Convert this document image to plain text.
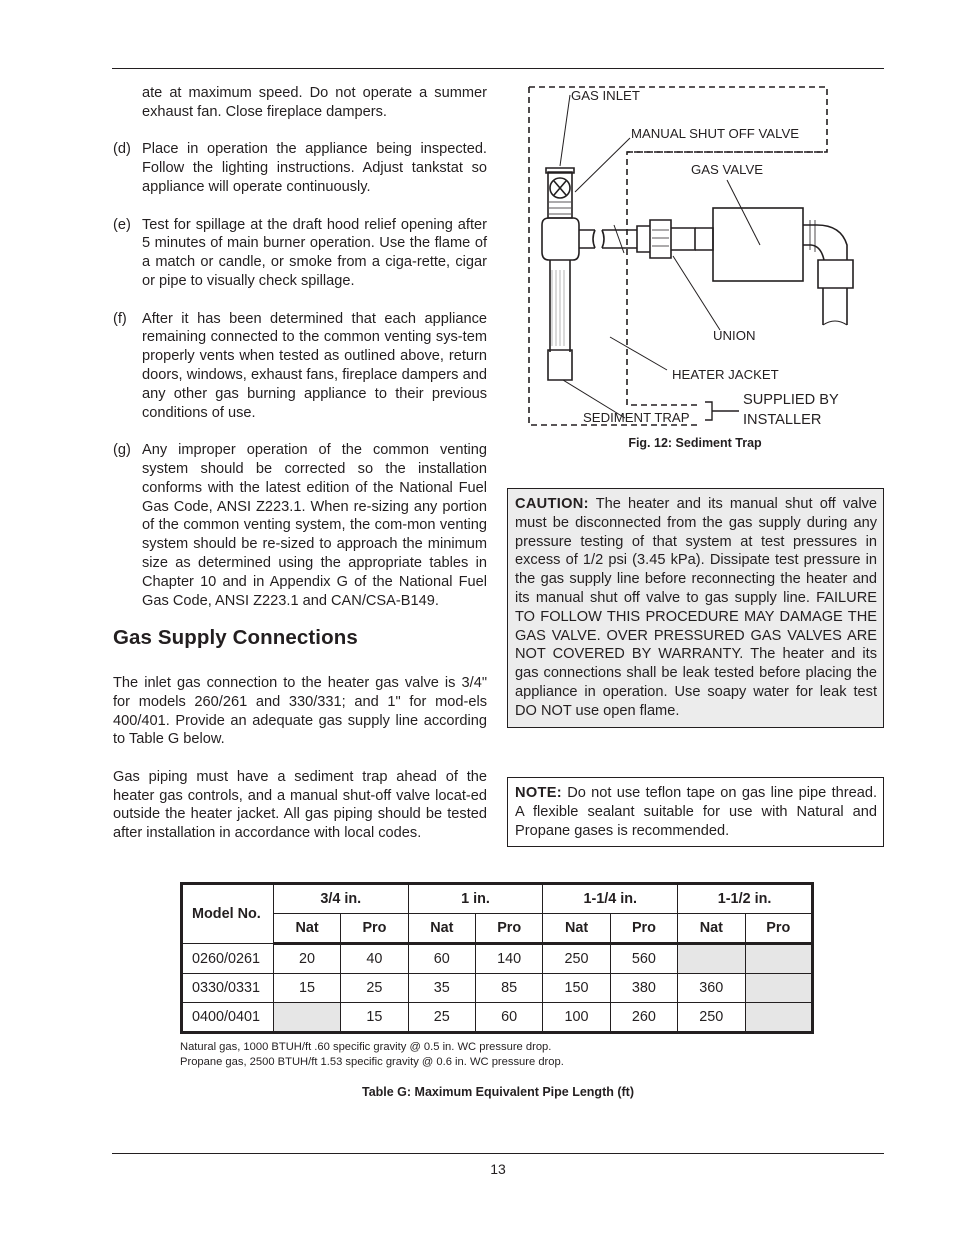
ate at maximum speed. Do not operate a summer exhaust fan. Close fireplace dampers.
(d) Place in operation the appliance being inspected. Follow the lighting instructions. Adjust tankstat so appliance will operate continuously.
(e) Test for spillage at the draft hood relief opening after 5 minutes of main burner operation. Use the flame of a match or candle, or smoke from a ciga-rette, cigar or pipe to visually check spillage.
(f) After it has been determined that each appliance remaining connected to the common venting sys-tem properly vents when tested as outlined above, return doors, windows, exhaust fans, fireplace dampers and any other gas burning appliance to their previous conditions of use.
(g) Any improper operation of the common venting system should be corrected so the installation conforms with the latest edition of the National Fuel Gas Code, ANSI Z223.1. When re-sizing any portion of the common venting system, the com-mon venting system should be re-sized to approach the minimum size as determined using the appropriate tables in Chapter 10 and in Appendix G of the National Fuel Gas Code, ANSI Z223.1 and CAN/CSA-B149.
Gas Supply Connections
The inlet gas connection to the heater gas valve is 3/4" for models 260/261 and 330/331; and 1" for mod-els 400/401. Provide an adequate gas supply line according to Table G below.
Gas piping must have a sediment trap ahead of the heater gas controls, and a manual shut-off valve locat-ed outside the heater jacket. All gas piping should be tested after installation in accordance with local codes.
GAS INLET
MANUAL SHUT OFF VALVE
GAS VALVE
UNION
HEATER JACKET
SEDIMENT TRAP
SUPPLIED BY
INSTALLER
Fig. 12: Sediment Trap
CAUTION: The heater and its manual shut off valve must be disconnected from the gas supply during any pressure testing of that system at test pressures in excess of 1/2 psi (3.45 kPa). Dissipate test pressure in the gas supply line before reconnecting the heater and its manual shut off valve to gas supply line. FAILURE TO FOLLOW THIS PROCEDURE MAY DAMAGE THE GAS VALVE. OVER PRESSURED GAS VALVES ARE NOT COVERED BY WARRANTY. The heater and its gas connections shall be leak tested before placing the appliance in operation. Use soapy water for leak test DO NOT use open flame.
NOTE: Do not use teflon tape on gas line pipe thread. A flexible sealant suitable for use with Natural and Propane gases is recommended.
Model No.	3/4 in.		1 in.		1-1/4 in.		1-1/2 in.	
	Nat	Pro	Nat	Pro	Nat	Pro	Nat	Pro
0260/0261	20	40	60	140	250	560		
0330/0331	15	25	35	85	150	380	360	
0400/0401		15	25	60	100	260	250	
Natural gas, 1000 BTUH/ft .60 specific gravity @ 0.5 in. WC pressure drop.
Propane gas, 2500 BTUH/ft 1.53 specific gravity @ 0.6 in. WC pressure drop.
Table G: Maximum Equivalent Pipe Length (ft)
13
